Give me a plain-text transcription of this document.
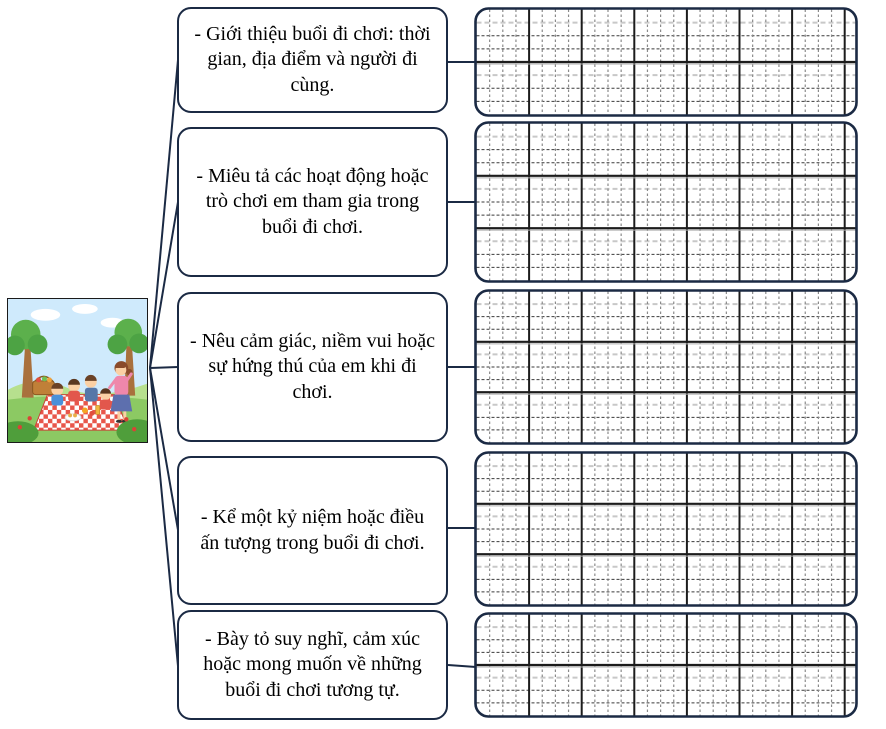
- Giới thiệu buổi đi chơi: thời gian, địa điểm và người đi cùng.
- Miêu tả các hoạt động hoặc trò chơi em tham gia trong buổi đi chơi.
- Nêu cảm giác, niềm vui hoặc sự hứng thú của em khi đi chơi.
- Kể một kỷ niệm hoặc điều ấn tượng trong buổi đi chơi.
- Bày tỏ suy nghĩ, cảm xúc hoặc mong muốn về những buổi đi chơi tương tự.
